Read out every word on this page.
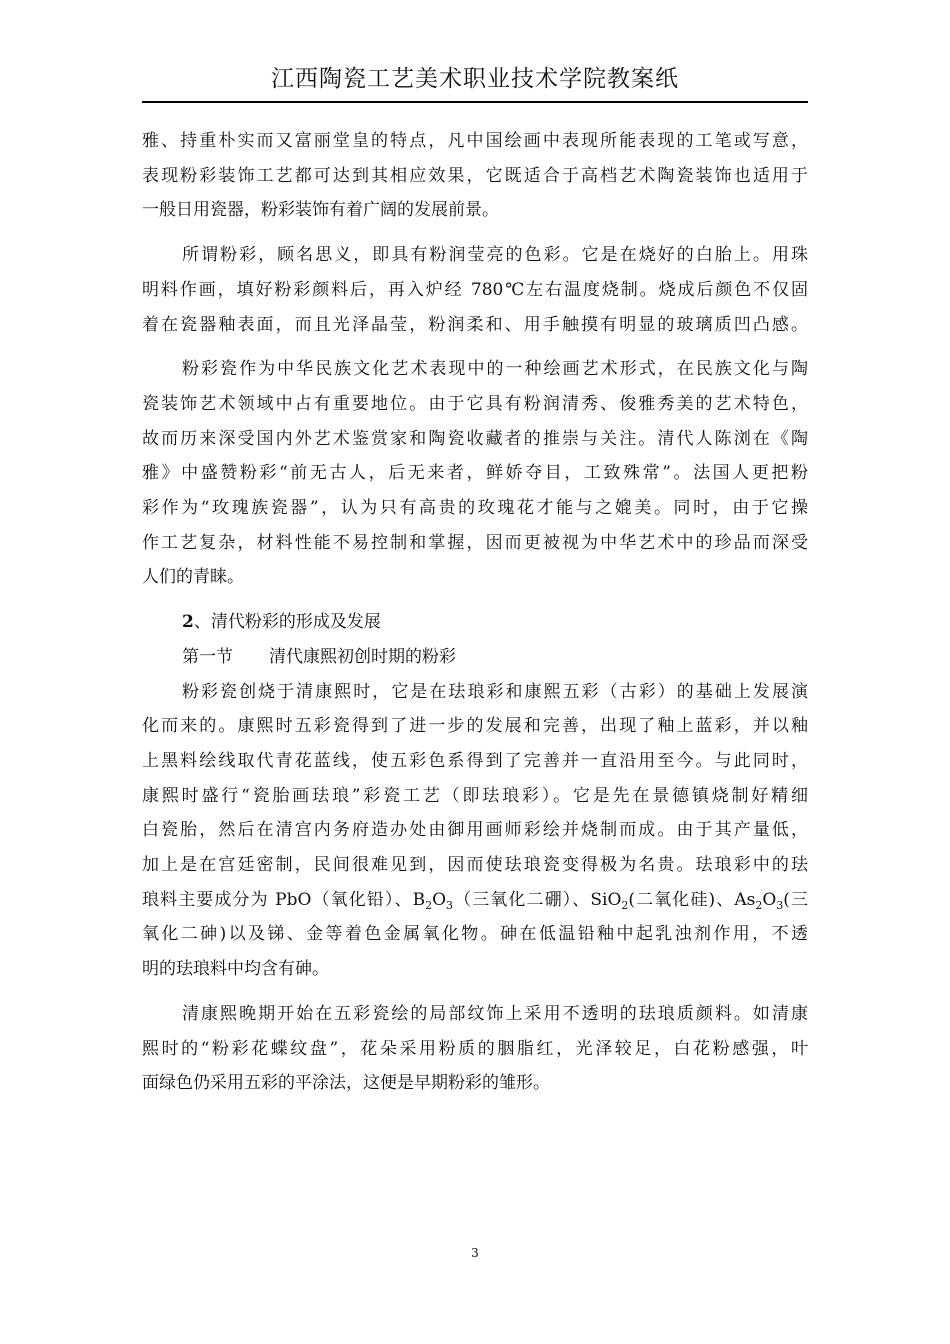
江西陶瓷工艺美术职业技术学院教案纸

雅、持重朴实而又富丽堂皇的特点，凡中国绘画中表现所能表现的工笔或写意，

表现粉彩装饰工艺都可达到其相应效果，它既适合于高档艺术陶瓷装饰也适用于

一般日用瓷器，粉彩装饰有着广阔的发展前景。

所谓粉彩，顾名思义，即具有粉润莹亮的色彩。它是在烧好的白胎上。用珠

明料作画，填好粉彩颜料后，再入炉经 780℃左右温度烧制。烧成后颜色不仅固

着在瓷器釉表面，而且光泽晶莹，粉润柔和、用手触摸有明显的玻璃质凹凸感。

粉彩瓷作为中华民族文化艺术表现中的一种绘画艺术形式，在民族文化与陶

瓷装饰艺术领域中占有重要地位。由于它具有粉润清秀、俊雅秀美的艺术特色，

故而历来深受国内外艺术鉴赏家和陶瓷收藏者的推崇与关注。清代人陈浏在《陶

雅》中盛赞粉彩“前无古人，后无来者，鲜娇夺目，工致殊常”。法国人更把粉

彩作为“玫瑰族瓷器”，认为只有高贵的玫瑰花才能与之媲美。同时，由于它操

作工艺复杂，材料性能不易控制和掌握，因而更被视为中华艺术中的珍品而深受

人们的青睐。

2、清代粉彩的形成及发展
第一节 清代康熙初创时期的粉彩

粉彩瓷创烧于清康熙时，它是在珐琅彩和康熙五彩（古彩）的基础上发展演

化而来的。康熙时五彩瓷得到了进一步的发展和完善，出现了釉上蓝彩，并以釉

上黑料绘线取代青花蓝线，使五彩色系得到了完善并一直沿用至今。与此同时，

康熙时盛行“瓷胎画珐琅”彩瓷工艺（即珐琅彩）。它是先在景德镇烧制好精细

白瓷胎，然后在清宫内务府造办处由御用画师彩绘并烧制而成。由于其产量低，

加上是在宫廷密制，民间很难见到，因而使珐琅瓷变得极为名贵。珐琅彩中的珐

琅料主要成分为 PbO（氧化铅）、$B_2O_3$（三氧化二硼）、SiO$_2$(二氧化硅)、$As_2O_3$(三

氧化二砷)以及锑、金等着色金属氧化物。砷在低温铅釉中起乳浊剂作用，不透

明的珐琅料中均含有砷。

清康熙晚期开始在五彩瓷绘的局部纹饰上采用不透明的珐琅质颜料。如清康

熙时的“粉彩花蝶纹盘”，花朵采用粉质的胭脂红，光泽较足，白花粉感强，叶

面绿色仍采用五彩的平涂法，这便是早期粉彩的雏形。

3
